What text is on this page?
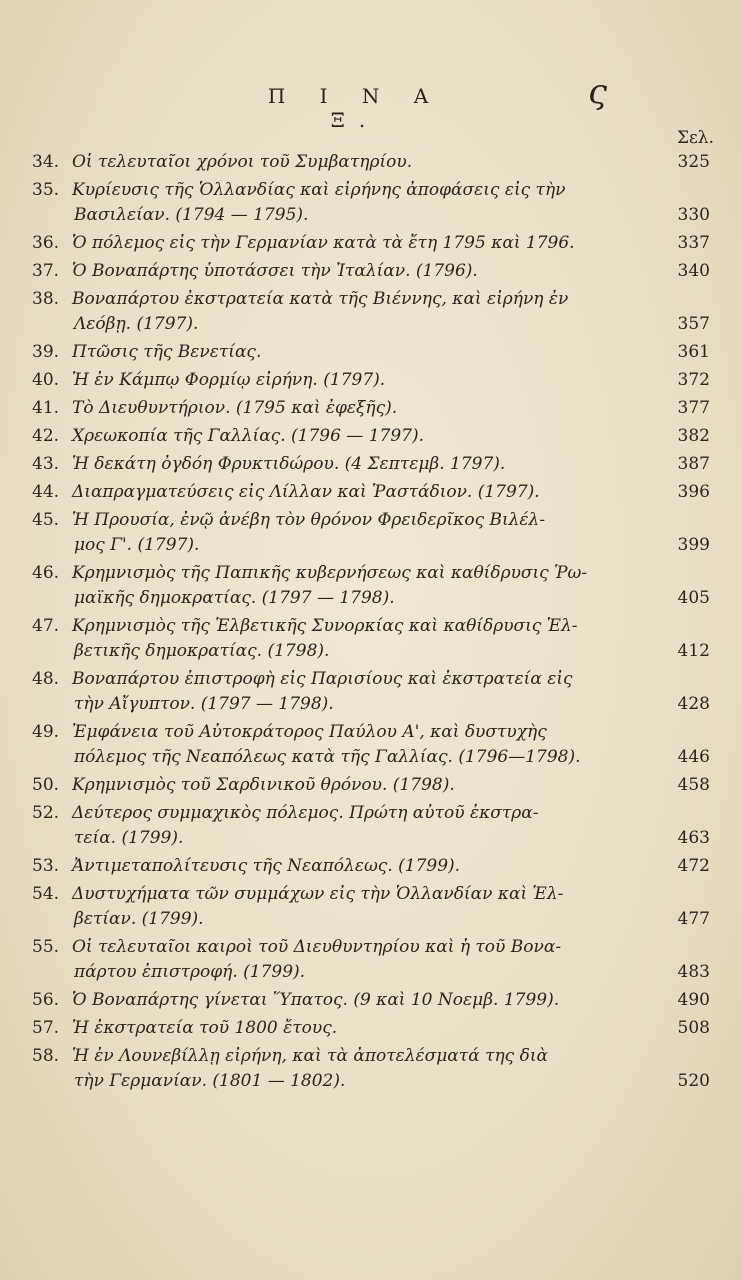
Π Ι Ν Α Ξ.
ς
Σελ.
34. Οἱ τελευταῖοι χρόνοι τοῦ Συμβατηρίου.	325
35. Κυρίευσις τῆς Ὁλλανδίας καὶ εἰρήνης ἀποφάσεις εἰς τὴν
Βασιλείαν. (1794 — 1795).	330
36. Ὁ πόλεμος εἰς τὴν Γερμανίαν κατὰ τὰ ἔτη 1795 καὶ 1796.	337
37. Ὁ Βοναπάρτης ὑποτάσσει τὴν Ἰταλίαν. (1796).	340
38. Βοναπάρτου ἐκστρατεία κατὰ τῆς Βιέννης, καὶ εἰρήνη ἐν
Λεόβῃ. (1797).	357
39. Πτῶσις τῆς Βενετίας.	361
40. Ἡ ἐν Κάμπῳ Φορμίῳ εἰρήνη. (1797).	372
41. Τὸ Διευθυντήριον. (1795 καὶ ἐφεξῆς).	377
42. Χρεωκοπία τῆς Γαλλίας. (1796 — 1797).	382
43. Ἡ δεκάτη ὀγδόη Φρυκτιδώρου. (4 Σεπτεμβ. 1797).	387
44. Διαπραγματεύσεις εἰς Λίλλαν καὶ Ῥαστάδιον. (1797).	396
45. Ἡ Προυσία, ἐνῷ ἀνέβη τὸν θρόνον Φρειδερῖκος Βιλέλ-
μος Γ'. (1797).	399
46. Κρημνισμὸς τῆς Παπικῆς κυβερνήσεως καὶ καθίδρυσις Ῥω-
μαϊκῆς δημοκρατίας. (1797 — 1798).	405
47. Κρημνισμὸς τῆς Ἑλβετικῆς Συνορκίας καὶ καθίδρυσις Ἑλ-
βετικῆς δημοκρατίας. (1798).	412
48. Βοναπάρτου ἐπιστροφὴ εἰς Παρισίους καὶ ἐκστρατεία εἰς
τὴν Αἴγυπτον. (1797 — 1798).	428
49. Ἐμφάνεια τοῦ Αὐτοκράτορος Παύλου Α', καὶ δυστυχὴς
πόλεμος τῆς Νεαπόλεως κατὰ τῆς Γαλλίας. (1796—1798).	446
50. Κρημνισμὸς τοῦ Σαρδινικοῦ θρόνου. (1798).	458
52. Δεύτερος συμμαχικὸς πόλεμος. Πρώτη αὐτοῦ ἐκστρα-
τεία. (1799).	463
53. Ἀντιμεταπολίτευσις τῆς Νεαπόλεως. (1799).	472
54. Δυστυχήματα τῶν συμμάχων εἰς τὴν Ὁλλανδίαν καὶ Ἑλ-
βετίαν. (1799).	477
55. Οἱ τελευταῖοι καιροὶ τοῦ Διευθυντηρίου καὶ ἡ τοῦ Βονα-
πάρτου ἐπιστροφή. (1799).	483
56. Ὁ Βοναπάρτης γίνεται Ὕπατος. (9 καὶ 10 Νοεμβ. 1799).	490
57. Ἡ ἐκστρατεία τοῦ 1800 ἔτους.	508
58. Ἡ ἐν Λουνεβίλλῃ εἰρήνη, καὶ τὰ ἀποτελέσματά της διὰ
τὴν Γερμανίαν. (1801 — 1802).	520
